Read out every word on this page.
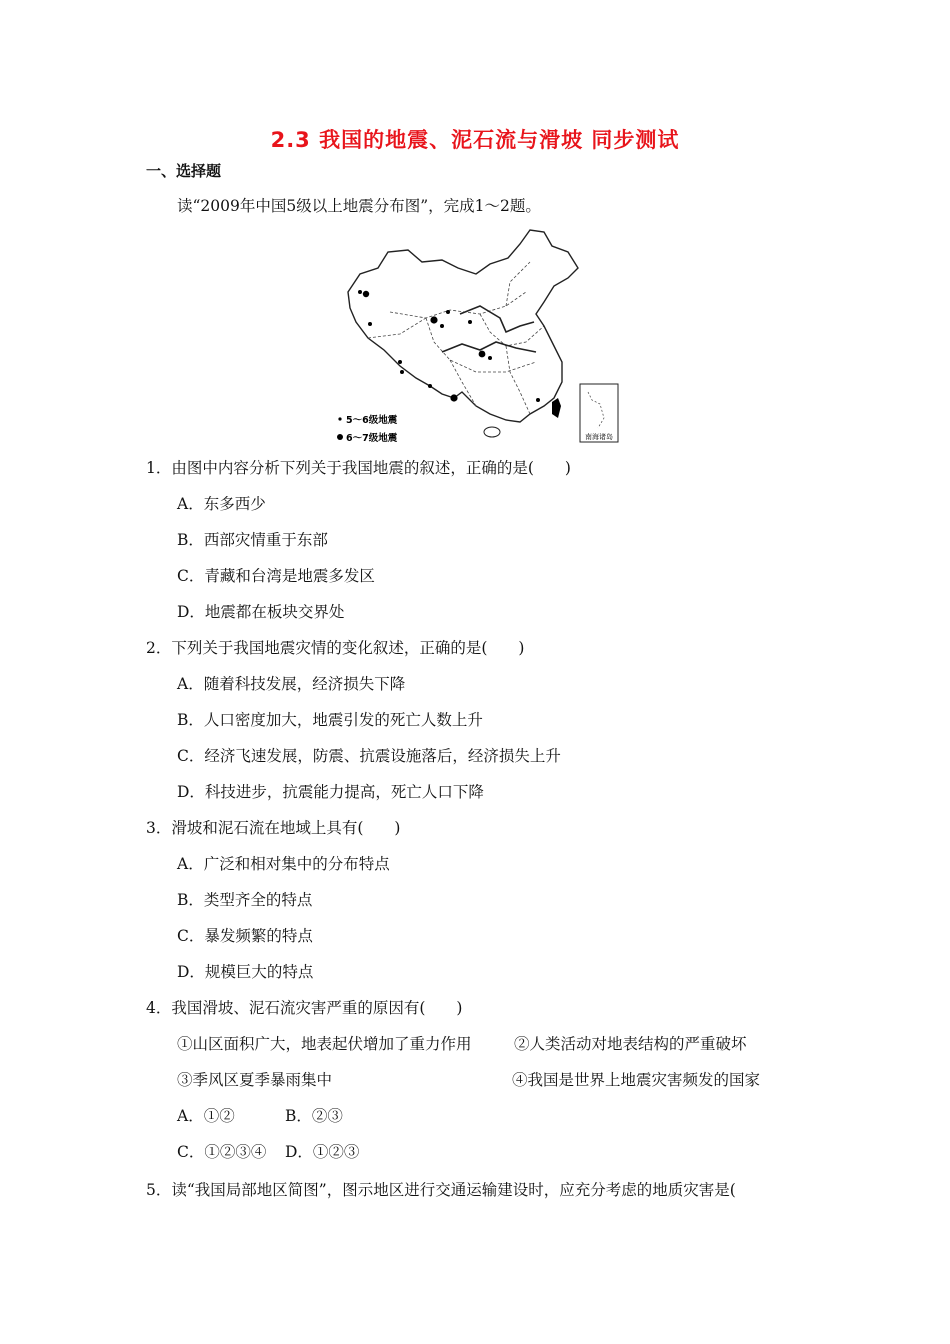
2.3 我国的地震、泥石流与滑坡 同步测试
一、选择题
读“2009年中国5级以上地震分布图”，完成1～2题。
5～6级地震
6～7级地震	南海诸岛
1．由图中内容分析下列关于我国地震的叙述，正确的是(　　)
A．东多西少
B．西部灾情重于东部
C．青藏和台湾是地震多发区
D．地震都在板块交界处
2．下列关于我国地震灾情的变化叙述，正确的是(　　)
A．随着科技发展，经济损失下降
B．人口密度加大，地震引发的死亡人数上升
C．经济飞速发展，防震、抗震设施落后，经济损失上升
D．科技进步，抗震能力提高，死亡人口下降
3．滑坡和泥石流在地域上具有(　　)
A．广泛和相对集中的分布特点
B．类型齐全的特点
C．暴发频繁的特点
D．规模巨大的特点
4．我国滑坡、泥石流灾害严重的原因有(　　)
①山区面积广大，地表起伏增加了重力作用	②人类活动对地表结构的严重破坏
③季风区夏季暴雨集中	④我国是世界上地震灾害频发的国家
A．①②	B．②③
C．①②③④ D．①②③
5．读“我国局部地区简图”，图示地区进行交通运输建设时，应充分考虑的地质灾害是(
